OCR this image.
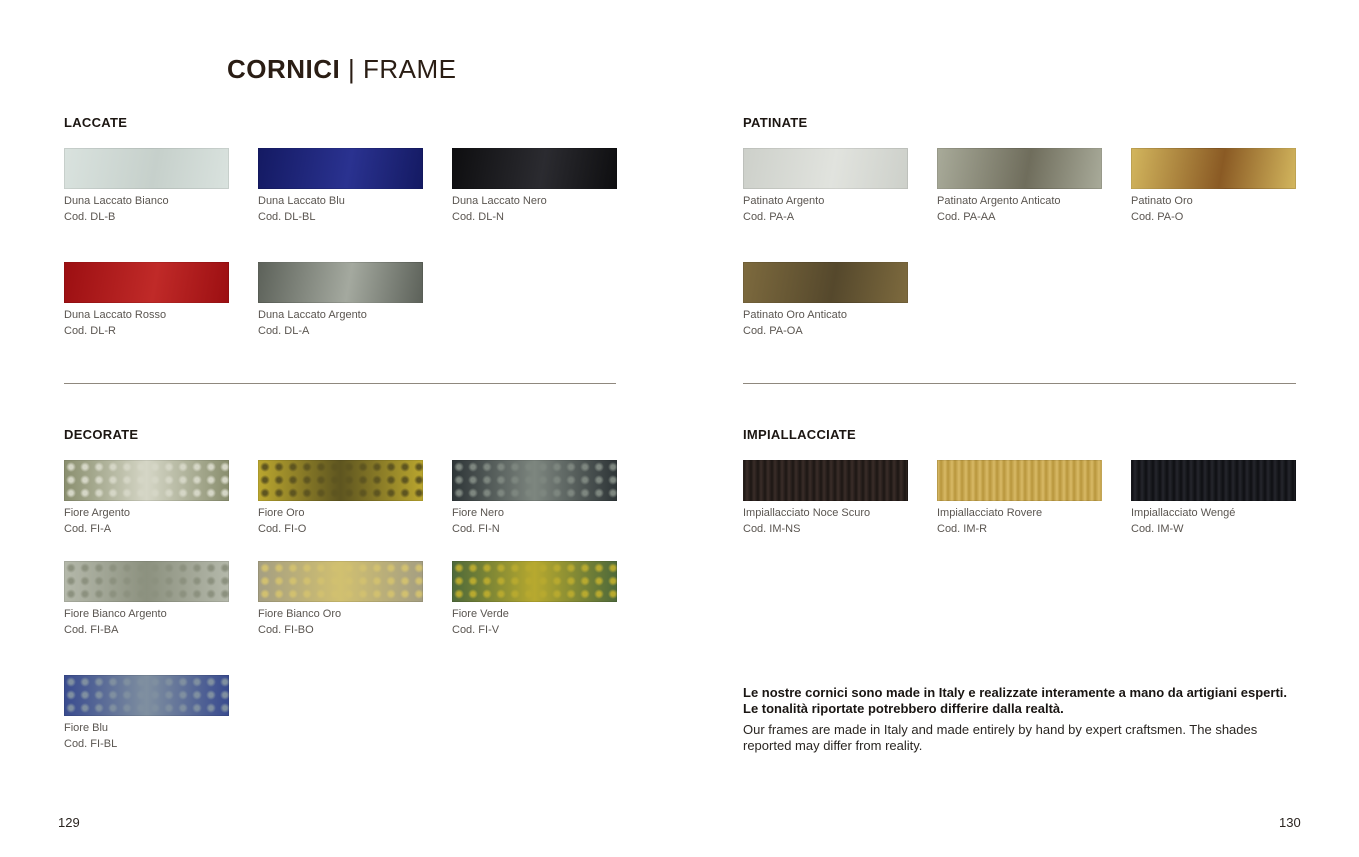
CORNICI | FRAME
LACCATE	PATINATE
DECORATE	IMPIALLACCIATE
Duna Laccato Bianco
Cod. DL-B
Duna Laccato Blu
Cod. DL-BL
Duna Laccato Nero
Cod. DL-N
Duna Laccato Rosso
Cod. DL-R
Duna Laccato Argento
Cod. DL-A
Patinato Argento
Cod. PA-A
Patinato Argento Anticato
Cod. PA-AA
Patinato Oro
Cod. PA-O
Patinato Oro Anticato
Cod. PA-OA
Fiore Argento
Cod. FI-A
Fiore Oro
Cod. FI-O
Fiore Nero
Cod. FI-N
Fiore Bianco Argento
Cod. FI-BA
Fiore Bianco Oro
Cod. FI-BO
Fiore Verde
Cod. FI-V
Fiore Blu
Cod. FI-BL
Impiallacciato Noce Scuro
Cod. IM-NS
Impiallacciato Rovere
Cod. IM-R
Impiallacciato Wengé
Cod. IM-W
Le nostre cornici sono made in Italy e realizzate interamente a mano da artigiani esperti. Le tonalità riportate potrebbero differire dalla realtà.
Our frames are made in Italy and made entirely by hand by expert craftsmen. The shades reported may differ from reality.
129	130
